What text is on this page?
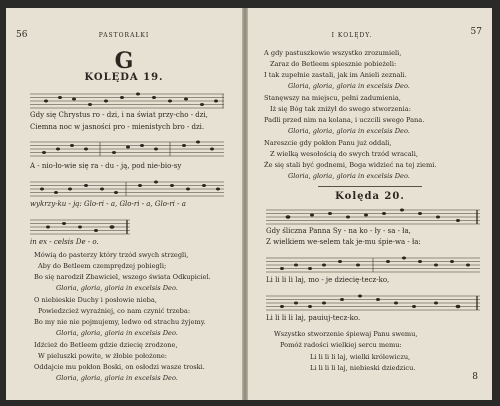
56	PASTORAŁKI
G
KOLĘDA 19.
Gdy się Chrystus ro - dzi, i na świat przy-cho - dzi,
Ciemna noc w jasności pro - mienistych bro - dzi.
A - nio-ło-wie się ra - du - ją, pod nie-bio-sy
wykrzy-ku - ją: Glo-ri - a, Glo-ri - a, Glo-ri - a
in ex - celsis De - o.
Mówią do pasterzy który trzód swych strzegli,
Aby do Betleem czemprędzej pobiegli;
Bo się narodził Zbawiciel, wszego świata Odkupiciel.
Gloria, gloria, gloria in excelsis Deo.
O niebieskie Duchy i posłowie nieba,
Powiedzcież wyraźniej, co nam czynić trzeba:
Bo my nie nie pojmujemy, ledwo od strachu żyjemy.
Gloria, gloria, gloria in excelsis Deo.
Idźcież do Betleem gdzie dziecię zrodzone,
W pieluszki powite, w żłobie położone:
Oddajcie mu pokłon Boski, on osłodzi wasze troski.
Gloria, gloria, gloria in excelsis Deo.
I KOLĘDY.	57
A gdy pastuszkowie wszystko zrozumieli,
Zaraz do Betleem spiesznie pobieżeli:
I tak zupełnie zastali, jak im Anieli zeznali.
Gloria, gloria, gloria in excelsis Deo.
Stanęwszy na miejscu, pełni zadumienia,
Iż się Bóg tak zniżył do swego stworzenia:
Padli przed nim na kolana, i uczcili swego Pana.
Gloria, gloria, gloria in excelsis Deo.
Nareszcie gdy pokłon Panu już oddali,
Z wielką wesołością do swych trzód wracali,
Że się stali być godnemi, Boga widzieć na tej ziemi.
Gloria, gloria, gloria in excelsis Deo.
Kolęda 20.
Gdy śliczna Panna Sy - na ko - ły - sa - ła,
Z wielkiem we-selem tak je-mu śpie-wa - ła:
Li li li li laj, mo - je dziecię-tecz-ko,
Li li li li laj, pauiuj-tecz-ko.
Wszystko stworzenie śpiewaj Panu swemu,
Pomóż radości wielkiej sercu memu:
Li li li li laj, wielki królewiczu,
Li li li li laj, niebieski dziedzicu.
8
